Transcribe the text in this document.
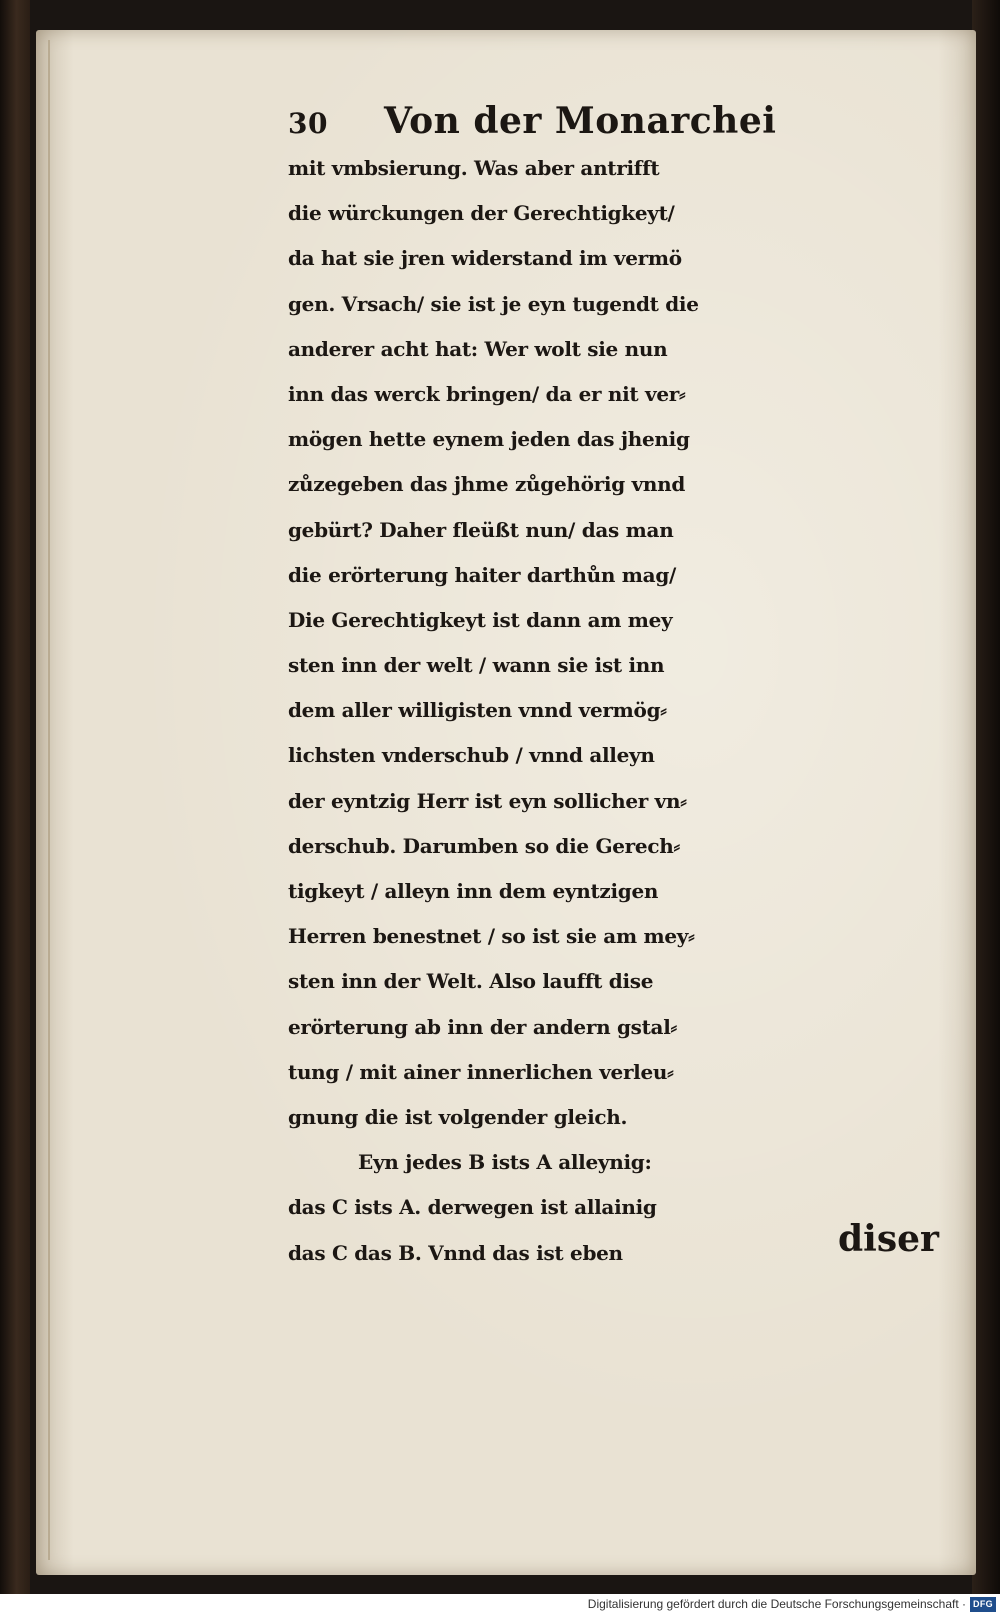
30	Von der Monarchei
mit vmbsierung. Was aber antrifft
die würckungen der Gerechtigkeyt/
da hat sie jren widerstand im vermö
gen. Vrsach/ sie ist je eyn tugendt die
anderer acht hat: Wer wolt sie nun
inn das werck bringen/ da er nit ver⸗
mögen hette eynem jeden das jhenig
zůzegeben das jhme zůgehörig vnnd
gebürt? Daher fleüßt nun/ das man
die erörterung haiter darthůn mag/
Die Gerechtigkeyt ist dann am mey
sten inn der welt / wann sie ist inn
dem aller willigisten vnnd vermög⸗
lichsten vnderschub / vnnd alleyn
der eyntzig Herr ist eyn sollicher vn⸗
derschub. Darumben so die Gerech⸗
tigkeyt / alleyn inn dem eyntzigen
Herren benestnet / so ist sie am mey⸗
sten inn der Welt. Also laufft dise
erörterung ab inn der andern gstal⸗
tung / mit ainer innerlichen verleu⸗
gnung die ist volgender gleich.
Eyn jedes B ists A alleynig:
das C ists A. derwegen ist allainig
das C das B. Vnnd das ist eben	diser
Digitalisierung gefördert durch die Deutsche Forschungsgemeinschaft · DFG
